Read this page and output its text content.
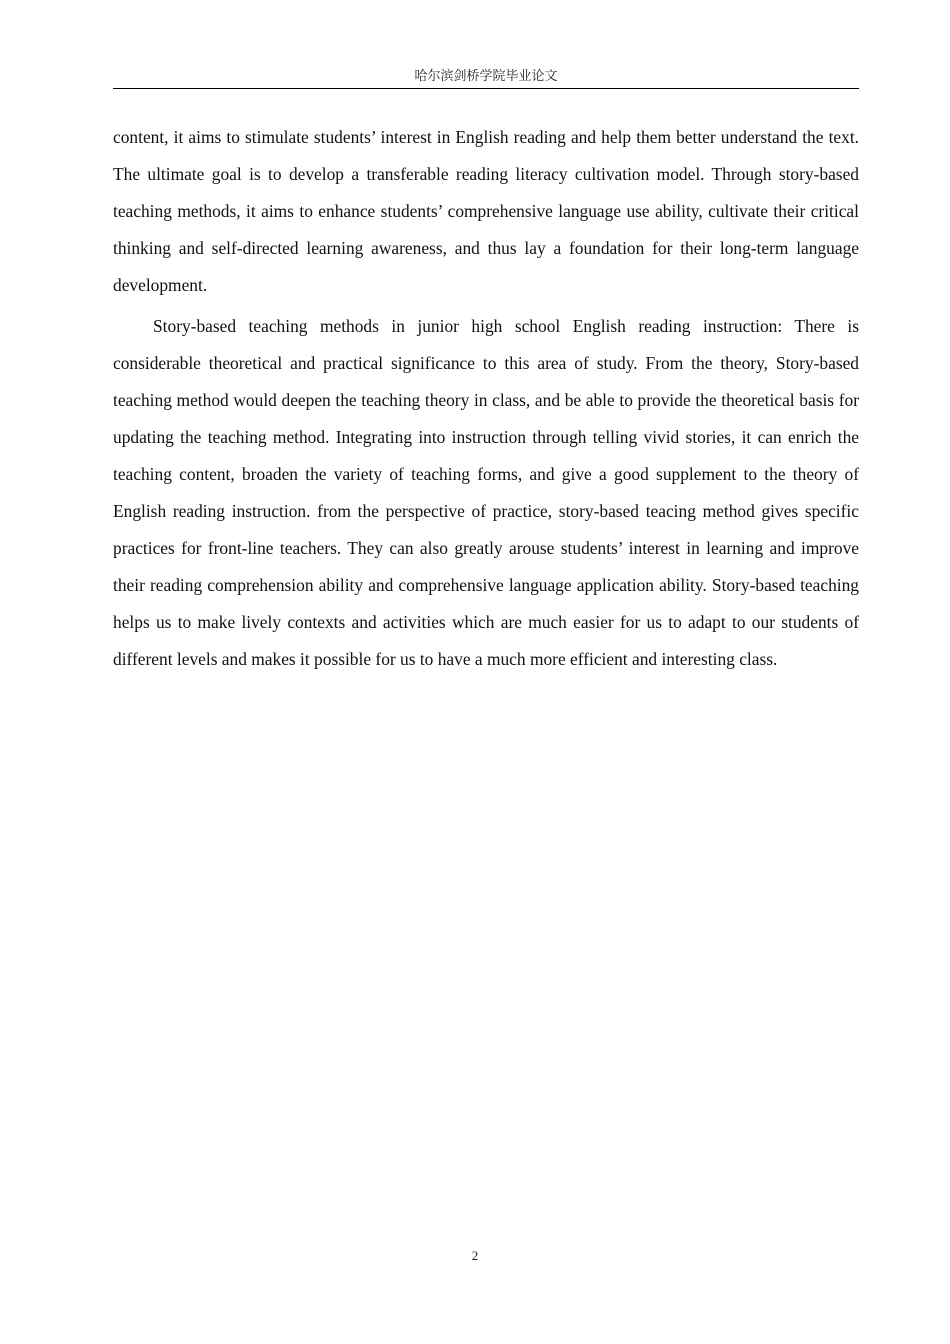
哈尔滨剑桥学院毕业论文

content, it aims to stimulate students’ interest in English reading and help them better understand the text. The ultimate goal is to develop a transferable reading literacy cultivation model. Through story-based teaching methods, it aims to enhance students’ comprehensive language use ability, cultivate their critical thinking and self-directed learning awareness, and thus lay a foundation for their long-term language development.

Story-based teaching methods in junior high school English reading instruction: There is considerable theoretical and practical significance to this area of study. From the theory, Story-based teaching method would deepen the teaching theory in class, and be able to provide the theoretical basis for updating the teaching method. Integrating into instruction through telling vivid stories, it can enrich the teaching content, broaden the variety of teaching forms, and give a good supplement to the theory of English reading instruction. from the perspective of practice, story-based teacing method gives specific practices for front-line teachers. They can also greatly arouse students’ interest in learning and improve their reading comprehension ability and comprehensive language application ability. Story-based teaching helps us to make lively contexts and activities which are much easier for us to adapt to our students of different levels and makes it possible for us to have a much more efficient and interesting class.

2
